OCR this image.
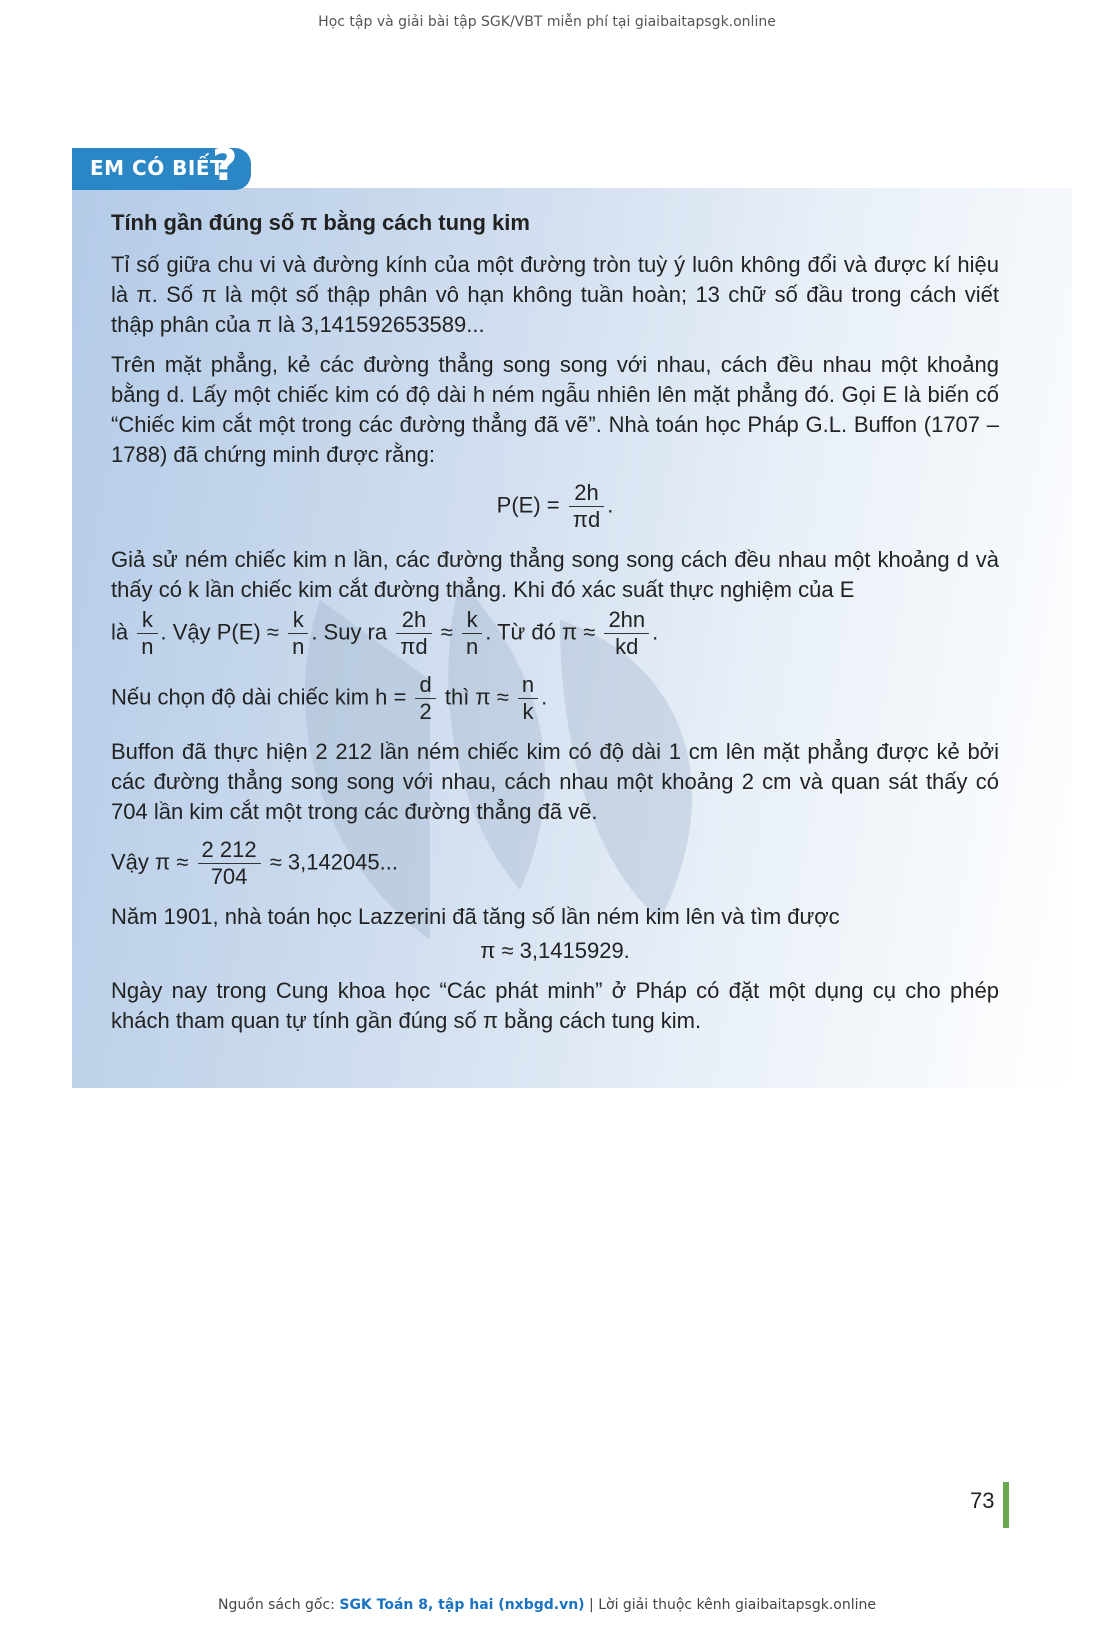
Học tập và giải bài tập SGK/VBT miễn phí tại giaibaitapsgk.online
EM CÓ BIẾT
?
Tính gần đúng số π bằng cách tung kim

Tỉ số giữa chu vi và đường kính của một đường tròn tuỳ ý luôn không đổi và được kí hiệu là π. Số π là một số thập phân vô hạn không tuần hoàn; 13 chữ số đầu trong cách viết thập phân của π là 3,141592653589...

Trên mặt phẳng, kẻ các đường thẳng song song với nhau, cách đều nhau một khoảng bằng d. Lấy một chiếc kim có độ dài h ném ngẫu nhiên lên mặt phẳng đó. Gọi E là biến cố “Chiếc kim cắt một trong các đường thẳng đã vẽ”. Nhà toán học Pháp G.L. Buffon (1707 – 1788) đã chứng minh được rằng:

$P(E) = \frac{2h}{\pi d}$ .

Giả sử ném chiếc kim n lần, các đường thẳng song song cách đều nhau một khoảng d và thấy có k lần chiếc kim cắt đường thẳng. Khi đó xác suất thực nghiệm của E

là $\frac{k}{n}$ . Vậy $P(E) \approx \frac{k}{n}$ . Suy ra $\frac{2h}{\pi d} \approx \frac{k}{n}$ . Từ đó $\pi \approx \frac{2hn}{kd}$ .
Nếu chọn độ dài chiếc kim $h = \frac{d}{2}$ thì $\pi \approx \frac{n}{k}$ .

Buffon đã thực hiện 2 212 lần ném chiếc kim có độ dài 1 cm lên mặt phẳng được kẻ bởi các đường thẳng song song với nhau, cách nhau một khoảng 2 cm và quan sát thấy có 704 lần kim cắt một trong các đường thẳng đã vẽ.

Vậy $\pi \approx \frac{2 212}{704} \approx 3,142045$...

Năm 1901, nhà toán học Lazzerini đã tăng số lần ném kim lên và tìm được

π ≈ 3,1415929.

Ngày nay trong Cung khoa học “Các phát minh” ở Pháp có đặt một dụng cụ cho phép khách tham quan tự tính gần đúng số π bằng cách tung kim.

73
Nguồn sách gốc: SGK Toán 8, tập hai (nxbgd.vn) | Lời giải thuộc kênh giaibaitapsgk.online
